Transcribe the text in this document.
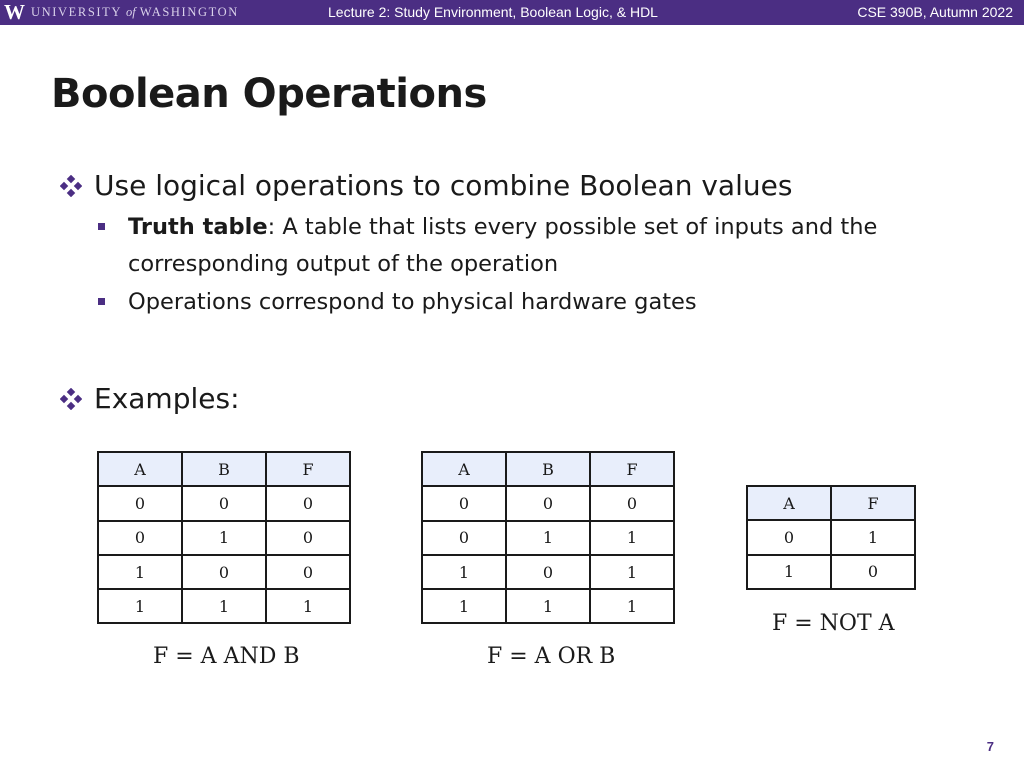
W UNIVERSITY of WASHINGTON	Lecture 2: Study Environment, Boolean Logic, & HDL	CSE 390B, Autumn 2022
Boolean Operations
Use logical operations to combine Boolean values
Truth table: A table that lists every possible set of inputs and the corresponding output of the operation
Operations correspond to physical hardware gates
Examples:
A	B	F
0	0	0
0	1	0
1	0	0
1	1	1
F = A AND B
A	B	F
0	0	0
0	1	1
1	0	1
1	1	1
F = A OR B
A	F
0	1
1	0
F = NOT A
7
